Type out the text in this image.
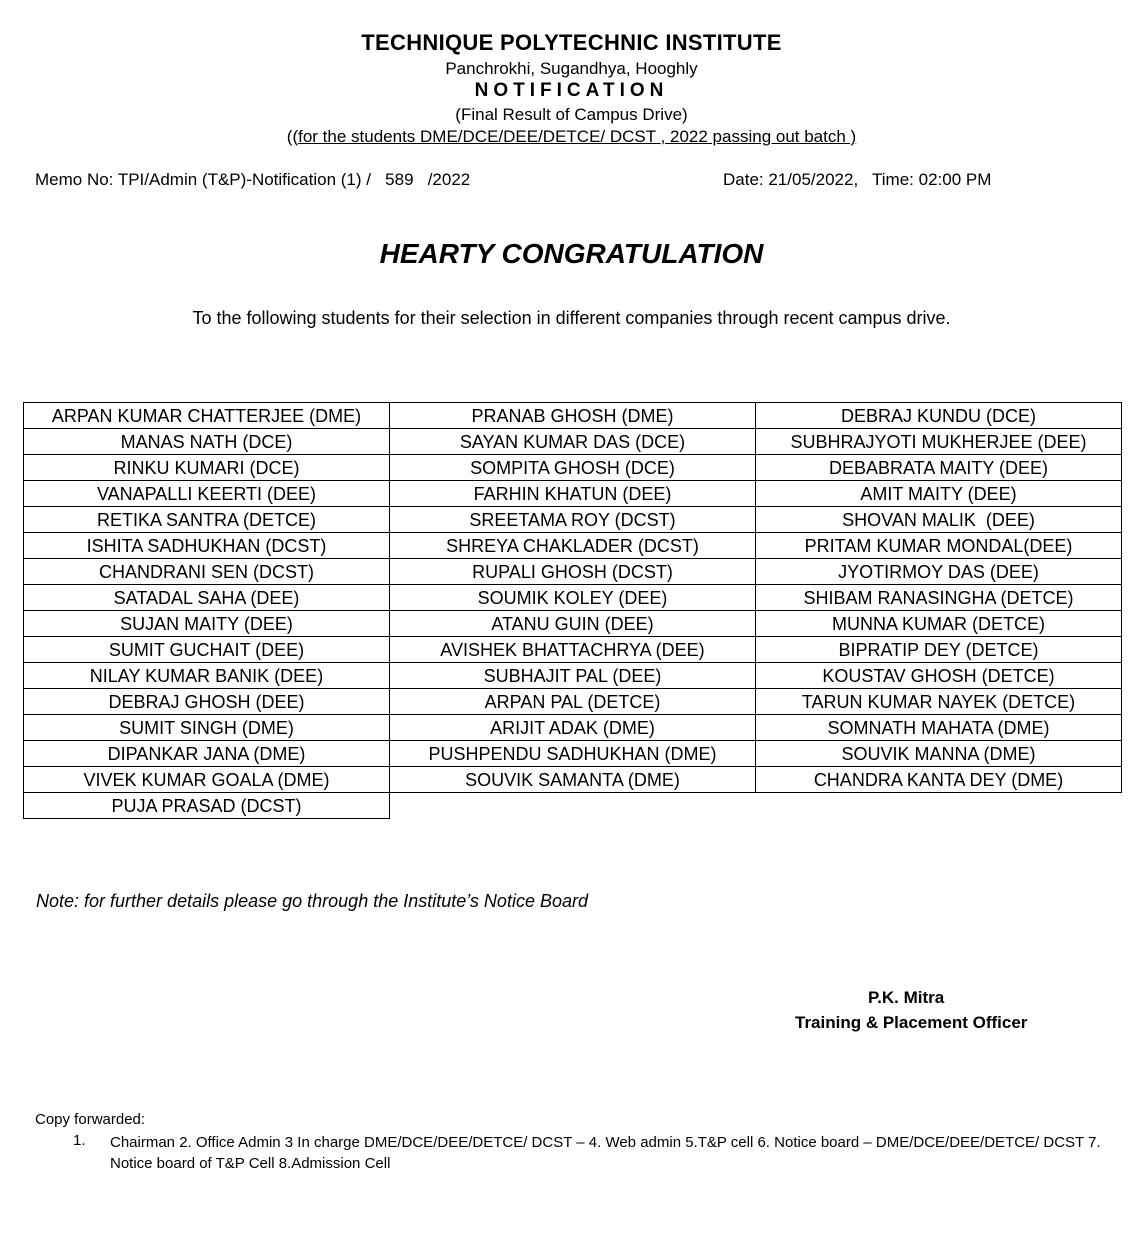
TECHNIQUE POLYTECHNIC INSTITUTE
Panchrokhi, Sugandhya, Hooghly
NOTIFICATION
(Final Result of Campus Drive)
((for the students DME/DCE/DEE/DETCE/ DCST , 2022 passing out batch )
Memo No: TPI/Admin (T&P)-Notification (1) /   589   /2022	Date: 21/05/2022,   Time: 02:00 PM
HEARTY CONGRATULATION
To the following students for their selection in different companies through recent campus drive.
ARPAN KUMAR CHATTERJEE (DME)	PRANAB GHOSH (DME)	DEBRAJ KUNDU (DCE)
MANAS NATH (DCE)	SAYAN KUMAR DAS (DCE)	SUBHRAJYOTI MUKHERJEE (DEE)
RINKU KUMARI (DCE)	SOMPITA GHOSH (DCE)	DEBABRATA MAITY (DEE)
VANAPALLI KEERTI (DEE)	FARHIN KHATUN (DEE)	AMIT MAITY (DEE)
RETIKA SANTRA (DETCE)	SREETAMA ROY (DCST)	SHOVAN MALIK  (DEE)
ISHITA SADHUKHAN (DCST)	SHREYA CHAKLADER (DCST)	PRITAM KUMAR MONDAL(DEE)
CHANDRANI SEN (DCST)	RUPALI GHOSH (DCST)	JYOTIRMOY DAS (DEE)
SATADAL SAHA (DEE)	SOUMIK KOLEY (DEE)	SHIBAM RANASINGHA (DETCE)
SUJAN MAITY (DEE)	ATANU GUIN (DEE)	MUNNA KUMAR (DETCE)
SUMIT GUCHAIT (DEE)	AVISHEK BHATTACHRYA (DEE)	BIPRATIP DEY (DETCE)
NILAY KUMAR BANIK (DEE)	SUBHAJIT PAL (DEE)	KOUSTAV GHOSH (DETCE)
DEBRAJ GHOSH (DEE)	ARPAN PAL (DETCE)	TARUN KUMAR NAYEK (DETCE)
SUMIT SINGH (DME)	ARIJIT ADAK (DME)	SOMNATH MAHATA (DME)
DIPANKAR JANA (DME)	PUSHPENDU SADHUKHAN (DME)	SOUVIK MANNA (DME)
VIVEK KUMAR GOALA (DME)	SOUVIK SAMANTA (DME)	CHANDRA KANTA DEY (DME)
PUJA PRASAD (DCST)		
Note: for further details please go through the Institute’s Notice Board
P.K. Mitra
Training & Placement Officer
Copy forwarded:
1. Chairman 2. Office Admin 3 In charge DME/DCE/DEE/DETCE/ DCST – 4. Web admin 5.T&P cell 6. Notice board – DME/DCE/DEE/DETCE/ DCST 7. Notice board of T&P Cell 8.Admission Cell
